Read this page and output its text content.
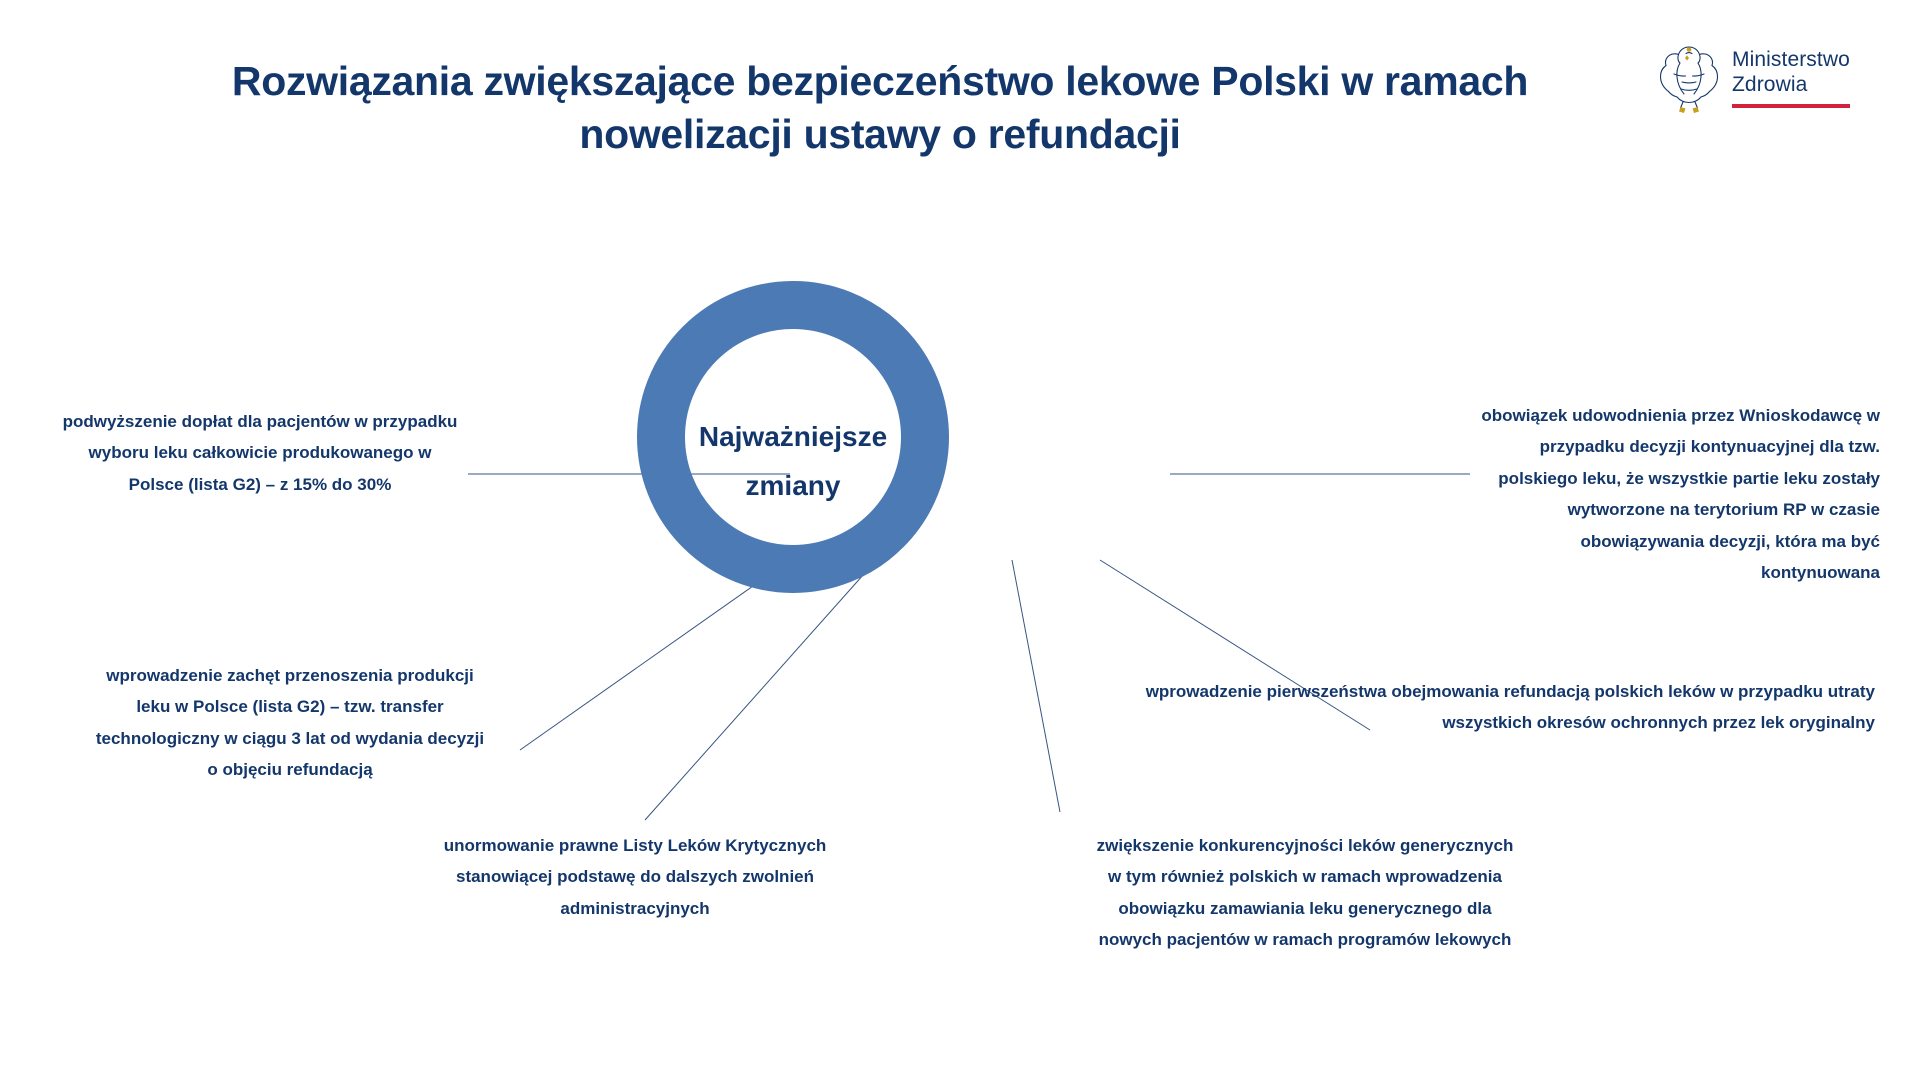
Rozwiązania zwiększające bezpieczeństwo lekowe Polski w ramach nowelizacji ustawy o refundacji
Ministerstwo
Zdrowia
Najważniejsze zmiany
podwyższenie dopłat dla pacjentów w przypadku wyboru leku całkowicie produkowanego w Polsce (lista G2) – z 15% do 30%
wprowadzenie zachęt przenoszenia produkcji leku w Polsce (lista G2) – tzw. transfer technologiczny w ciągu 3 lat od wydania decyzji o objęciu refundacją
unormowanie prawne Listy Leków Krytycznych stanowiącej podstawę do dalszych zwolnień administracyjnych
zwiększenie konkurencyjności leków generycznych w tym również polskich w ramach wprowadzenia obowiązku zamawiania leku generycznego dla nowych pacjentów w ramach programów lekowych
wprowadzenie pierwszeństwa obejmowania refundacją polskich leków w przypadku utraty wszystkich okresów ochronnych przez lek oryginalny
obowiązek udowodnienia przez Wnioskodawcę w przypadku decyzji kontynuacyjnej dla tzw. polskiego leku, że wszystkie partie leku zostały wytworzone na terytorium RP w czasie obowiązywania decyzji, która ma być kontynuowana
